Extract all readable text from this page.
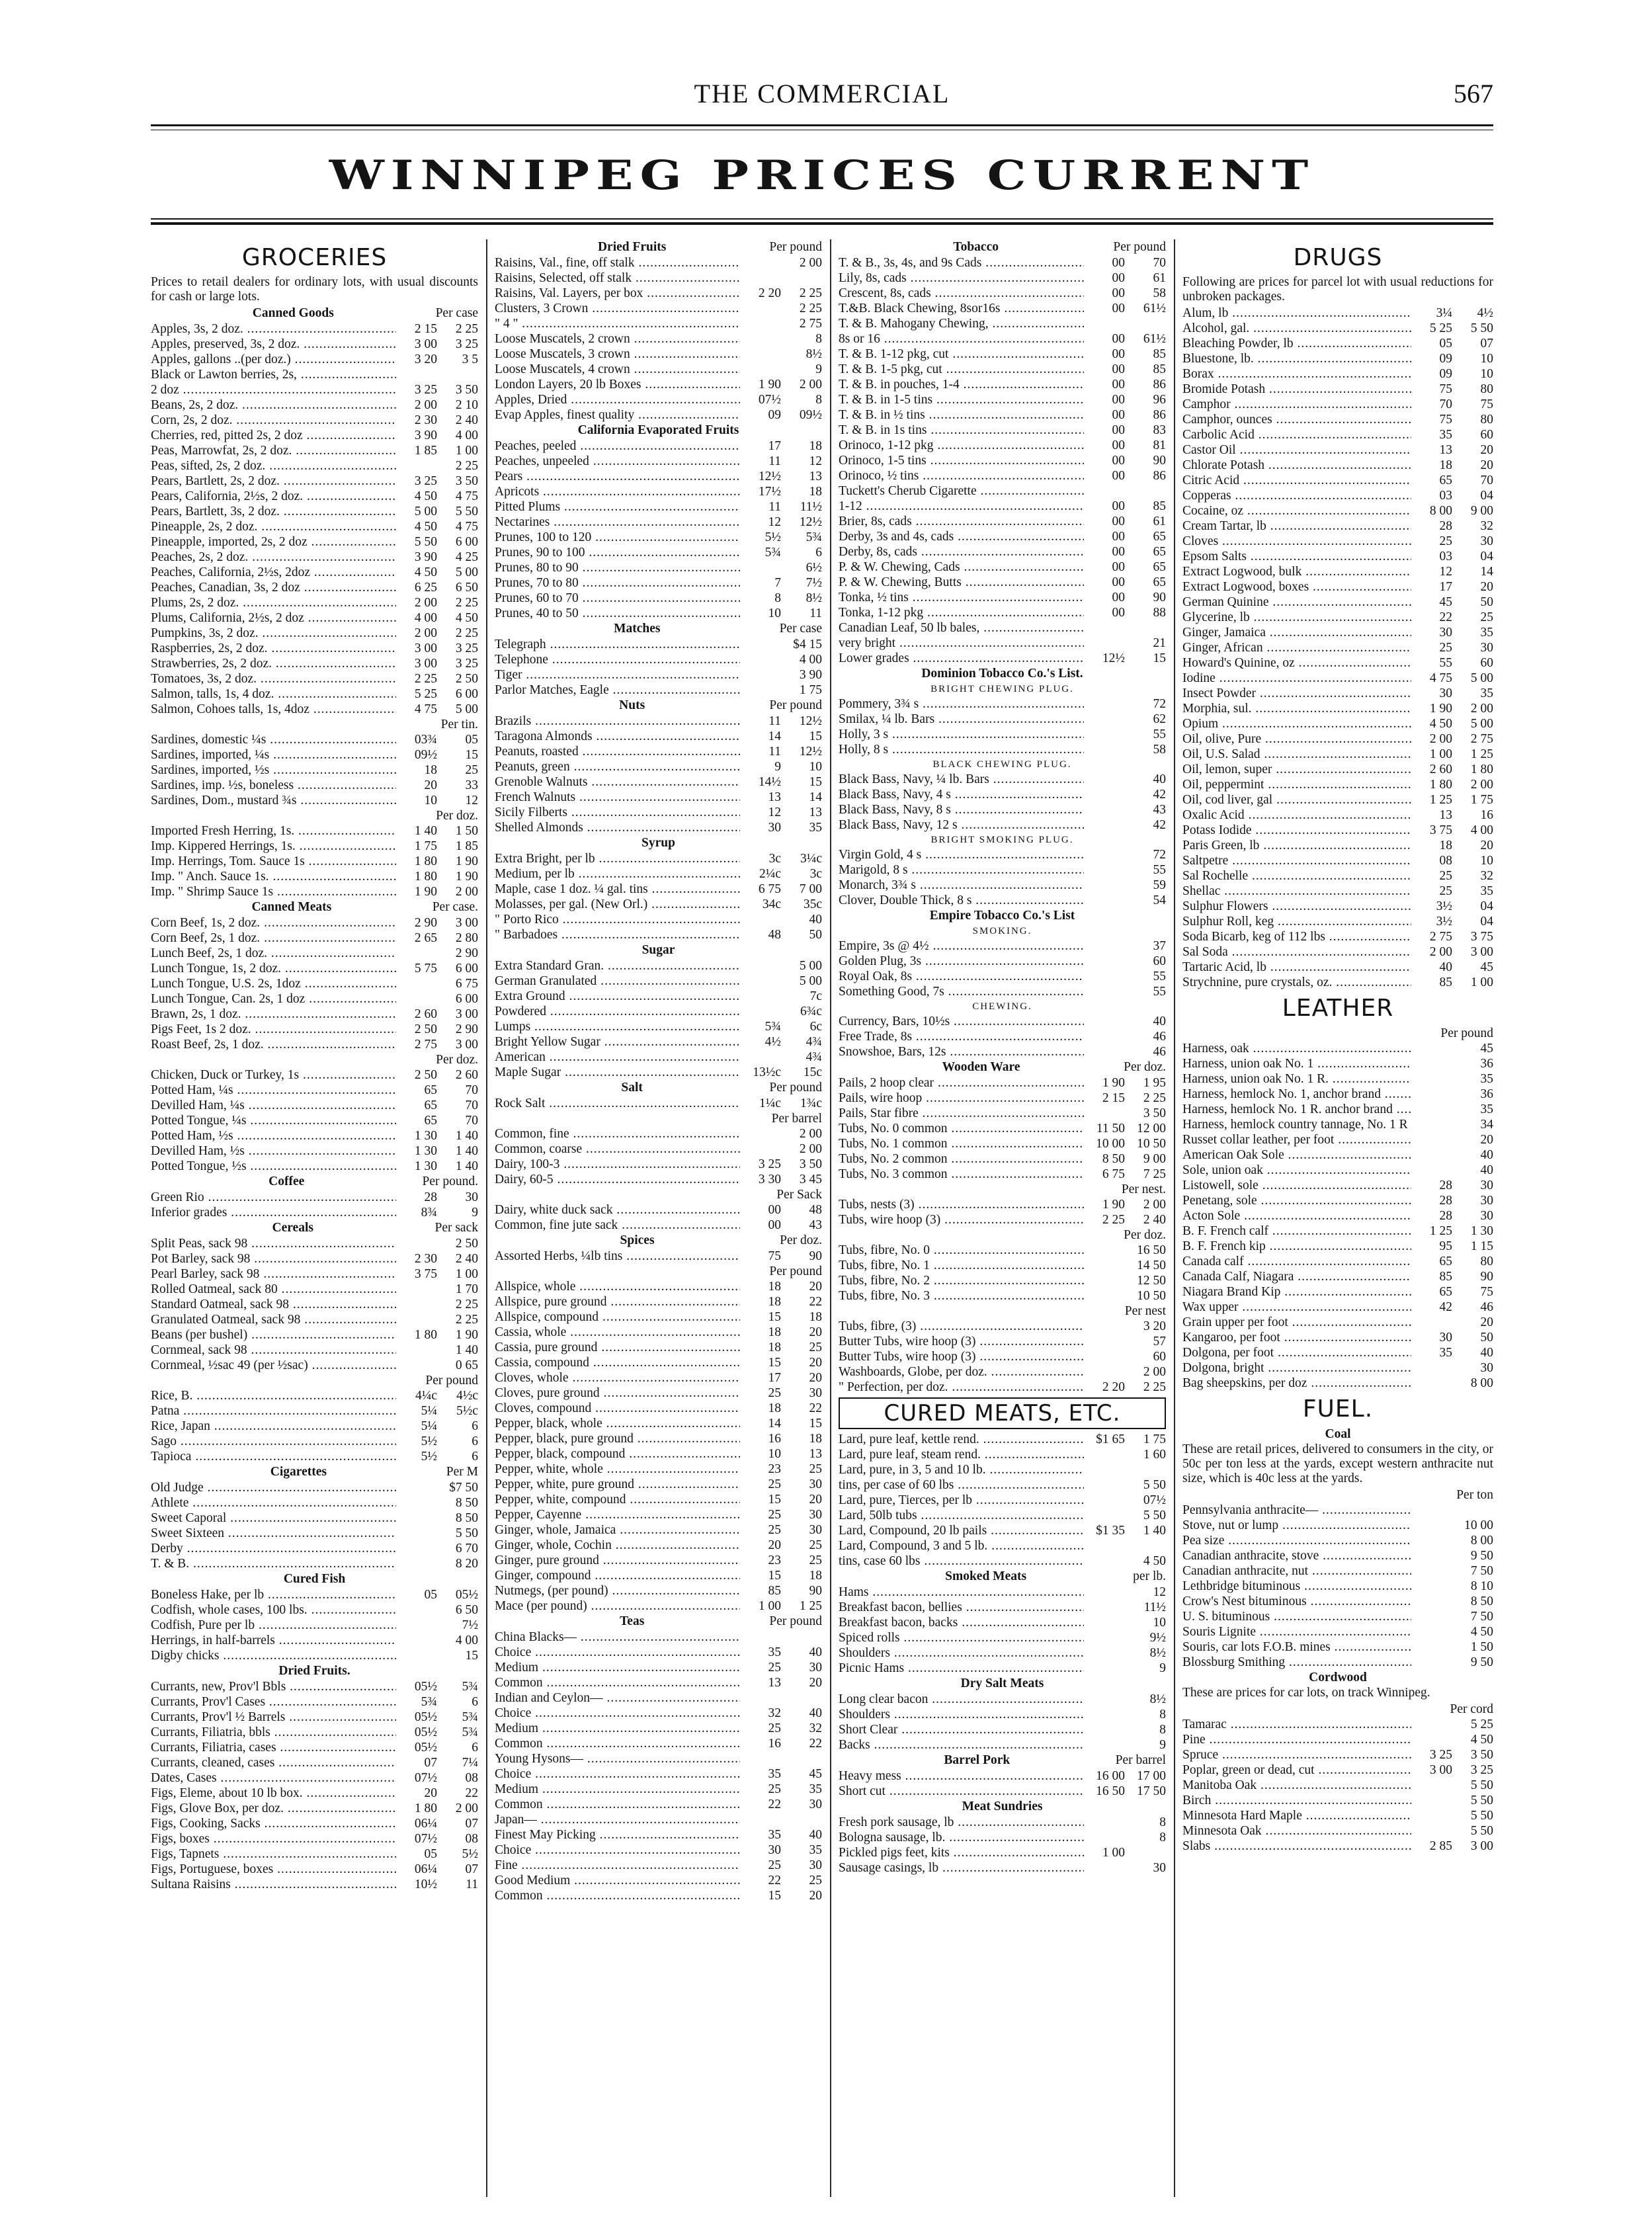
THE COMMERCIAL	567
WINNIPEG PRICES CURRENT
GROCERIES
Prices to retail dealers for ordinary lots, with usual discounts for cash or large lots.
Canned Goods	Per case
Apples, 3s, 2 doz. .....	2 15	2 25
Apples, preserved, 3s, 2 doz. .....	3 00	3 25
Apples, gallons ..(per doz.) .....	3 20	3 5
Black or Lawton berries, 2s, .....
2 doz .....	3 25	3 50
Beans, 2s, 2 doz. .....	2 00	2 10
Corn, 2s, 2 doz. .....	2 30	2 40
Cherries, red, pitted 2s, 2 doz .....	3 90	4 00
Peas, Marrowfat, 2s, 2 doz. .....	1 85	1 00
Peas, sifted, 2s, 2 doz. .....	2 25
Pears, Bartlett, 2s, 2 doz. .....	3 25	3 50
Pears, California, 2½s, 2 doz. .....	4 50	4 75
Pears, Bartlett, 3s, 2 doz. .....	5 00	5 50
Pineapple, 2s, 2 doz. .....	4 50	4 75
Pineapple, imported, 2s, 2 doz .....	5 50	6 00
Peaches, 2s, 2 doz. .....	3 90	4 25
Peaches, California, 2½s, 2doz .....	4 50	5 00
Peaches, Canadian, 3s, 2 doz .....	6 25	6 50
Plums, 2s, 2 doz. .....	2 00	2 25
Plums, California, 2½s, 2 doz .....	4 00	4 50
Pumpkins, 3s, 2 doz. .....	2 00	2 25
Raspberries, 2s, 2 doz. .....	3 00	3 25
Strawberries, 2s, 2 doz. .....	3 00	3 25
Tomatoes, 3s, 2 doz. .....	2 25	2 50
Salmon, talls, 1s, 4 doz. .....	5 25	6 00
Salmon, Cohoes talls, 1s, 4doz .....	4 75	5 00
Per tin.
Sardines, domestic ¼s .....	03¾	05
Sardines, imported, ¼s .....	09½	15
Sardines, imported, ½s .....	18	25
Sardines, imp. ½s, boneless .....	20	33
Sardines, Dom., mustard ¾s .....	10	12
Per doz.
Imported Fresh Herring, 1s. .....	1 40	1 50
Imp. Kippered Herrings, 1s. .....	1 75	1 85
Imp. Herrings, Tom. Sauce 1s .....	1 80	1 90
Imp. " Anch. Sauce 1s. .....	1 80	1 90
Imp. " Shrimp Sauce 1s .....	1 90	2 00
Canned Meats	Per case.
Corn Beef, 1s, 2 doz. .....	2 90	3 00
Corn Beef, 2s, 1 doz. .....	2 65	2 80
Lunch Beef, 2s, 1 doz. .....	2 90
Lunch Tongue, 1s, 2 doz. .....	5 75	6 00
Lunch Tongue, U.S. 2s, 1doz .....	6 75
Lunch Tongue, Can. 2s, 1 doz .....	6 00
Brawn, 2s, 1 doz. .....	2 60	3 00
Pigs Feet, 1s 2 doz. .....	2 50	2 90
Roast Beef, 2s, 1 doz. .....	2 75	3 00
Per doz.
Chicken, Duck or Turkey, 1s .....	2 50	2 60
Potted Ham, ¼s .....	65	70
Devilled Ham, ¼s .....	65	70
Potted Tongue, ¼s .....	65	70
Potted Ham, ½s .....	1 30	1 40
Devilled Ham, ½s .....	1 30	1 40
Potted Tongue, ½s .....	1 30	1 40
Coffee	Per pound.
Green Rio .....	28	30
Inferior grades .....	8¾	9
Cereals	Per sack
Split Peas, sack 98 .....	2 50
Pot Barley, sack 98 .....	2 30	2 40
Pearl Barley, sack 98 .....	3 75	1 00
Rolled Oatmeal, sack 80 .....	1 70
Standard Oatmeal, sack 98 .....	2 25
Granulated Oatmeal, sack 98 .....	2 25
Beans (per bushel) .....	1 80	1 90
Cornmeal, sack 98 .....	1 40
Cornmeal, ½sac 49 (per ½sac) .....	0 65
Per pound
Rice, B. .....	4¼c	4½c
Patna .....	5¼	5½c
Rice, Japan .....	5¼	6
Sago .....	5½	6
Tapioca .....	5½	6
Cigarettes	Per M
Old Judge .....	$7 50
Athlete .....	8 50
Sweet Caporal .....	8 50
Sweet Sixteen .....	5 50
Derby .....	6 70
T. & B. .....	8 20
Cured Fish
Boneless Hake, per lb .....	05	05½
Codfish, whole cases, 100 lbs. .....	6 50
Codfish, Pure per lb .....	7½
Herrings, in half-barrels .....	4 00
Digby chicks .....	15
Dried Fruits.
Currants, new, Prov'l Bbls .....	05½	5¾
Currants, Prov'l Cases .....	5¾	6
Currants, Prov'l ½ Barrels .....	05½	5¾
Currants, Filiatria, bbls .....	05½	5¾
Currants, Filiatria, cases .....	05½	6
Currants, cleaned, cases .....	07	7¼
Dates, Cases .....	07½	08
Figs, Eleme, about 10 lb box. .....	20	22
Figs, Glove Box, per doz. .....	1 80	2 00
Figs, Cooking, Sacks .....	06¼	07
Figs, boxes .....	07½	08
Figs, Tapnets .....	05	5½
Figs, Portuguese, boxes .....	06¼	07
Sultana Raisins .....	10½	11
Dried Fruits	Per pound
Raisins, Val., fine, off stalk .....	2 00
Raisins, Selected, off stalk .....
Raisins, Val. Layers, per box .....	2 20	2 25
Clusters, 3 Crown .....	2 25
" 4 " .....	2 75
Loose Muscatels, 2 crown .....	8
Loose Muscatels, 3 crown .....	8½
Loose Muscatels, 4 crown .....	9
London Layers, 20 lb Boxes .....	1 90	2 00
Apples, Dried .....	07½	8
Evap Apples, finest quality .....	09	09½
California Evaporated Fruits
Peaches, peeled .....	17	18
Peaches, unpeeled .....	11	12
Pears .....	12½	13
Apricots .....	17½	18
Pitted Plums .....	11	11½
Nectarines .....	12	12½
Prunes, 100 to 120 .....	5½	5¾
Prunes, 90 to 100 .....	5¾	6
Prunes, 80 to 90 .....	6½
Prunes, 70 to 80 .....	7	7½
Prunes, 60 to 70 .....	8	8½
Prunes, 40 to 50 .....	10	11
Matches	Per case
Telegraph .....	$4 15
Telephone .....	4 00
Tiger .....	3 90
Parlor Matches, Eagle .....	1 75
Nuts	Per pound
Brazils .....	11	12½
Taragona Almonds .....	14	15
Peanuts, roasted .....	11	12½
Peanuts, green .....	9	10
Grenoble Walnuts .....	14½	15
French Walnuts .....	13	14
Sicily Filberts .....	12	13
Shelled Almonds .....	30	35
Syrup
Extra Bright, per lb .....	3c	3¼c
Medium, per lb .....	2¼c	3c
Maple, case 1 doz. ¼ gal. tins .....	6 75	7 00
Molasses, per gal. (New Orl.) .....	34c	35c
" Porto Rico .....	40
" Barbadoes .....	48	50
Sugar
Extra Standard Gran. .....	5 00
German Granulated .....	5 00
Extra Ground .....	7c
Powdered .....	6¾c
Lumps .....	5¾	6c
Bright Yellow Sugar .....	4½	4¾
American .....	4¾
Maple Sugar .....	13½c	15c
Salt	Per pound
Rock Salt .....	1¼c	1¾c
Per barrel
Common, fine .....	2 00
Common, coarse .....	2 00
Dairy, 100-3 .....	3 25	3 50
Dairy, 60-5 .....	3 30	3 45
Per Sack
Dairy, white duck sack .....	00	48
Common, fine jute sack .....	00	43
Spices	Per doz.
Assorted Herbs, ¼lb tins .....	75	90
Per pound
Allspice, whole .....	18	20
Allspice, pure ground .....	18	22
Allspice, compound .....	15	18
Cassia, whole .....	18	20
Cassia, pure ground .....	18	25
Cassia, compound .....	15	20
Cloves, whole .....	17	20
Cloves, pure ground .....	25	30
Cloves, compound .....	18	22
Pepper, black, whole .....	14	15
Pepper, black, pure ground .....	16	18
Pepper, black, compound .....	10	13
Pepper, white, whole .....	23	25
Pepper, white, pure ground .....	25	30
Pepper, white, compound .....	15	20
Pepper, Cayenne .....	25	30
Ginger, whole, Jamaica .....	25	30
Ginger, whole, Cochin .....	20	25
Ginger, pure ground .....	23	25
Ginger, compound .....	15	18
Nutmegs, (per pound) .....	85	90
Mace (per pound) .....	1 00	1 25
Teas	Per pound
China Blacks— .....
Choice .....	35	40
Medium .....	25	30
Common .....	13	20
Indian and Ceylon— .....
Choice .....	32	40
Medium .....	25	32
Common .....	16	22
Young Hysons— .....
Choice .....	35	45
Medium .....	25	35
Common .....	22	30
Japan— .....
Finest May Picking .....	35	40
Choice .....	30	35
Fine .....	25	30
Good Medium .....	22	25
Common .....	15	20
Tobacco	Per pound
T. & B., 3s, 4s, and 9s Cads .....	00	70
Lily, 8s, cads .....	00	61
Crescent, 8s, cads .....	00	58
T.&B. Black Chewing, 8sor16s .....	00	61½
T. & B. Mahogany Chewing, .....
8s or 16 .....	00	61½
T. & B. 1-12 pkg, cut .....	00	85
T. & B. 1-5 pkg, cut .....	00	85
T. & B. in pouches, 1-4 .....	00	86
T. & B. in 1-5 tins .....	00	96
T. & B. in ½ tins .....	00	86
T. & B. in 1s tins .....	00	83
Orinoco, 1-12 pkg .....	00	81
Orinoco, 1-5 tins .....	00	90
Orinoco, ½ tins .....	00	86
Tuckett's Cherub Cigarette .....
1-12 .....	00	85
Brier, 8s, cads .....	00	61
Derby, 3s and 4s, cads .....	00	65
Derby, 8s, cads .....	00	65
P. & W. Chewing, Cads .....	00	65
P. & W. Chewing, Butts .....	00	65
Tonka, ½ tins .....	00	90
Tonka, 1-12 pkg .....	00	88
Canadian Leaf, 50 lb bales, .....
very bright .....	21
Lower grades .....	12½	15
Dominion Tobacco Co.'s List.
BRIGHT CHEWING PLUG.
Pommery, 3¾ s .....	72
Smilax, ¼ lb. Bars .....	62
Holly, 3 s .....	55
Holly, 8 s .....	58
BLACK CHEWING PLUG.
Black Bass, Navy, ¼ lb. Bars .....	40
Black Bass, Navy, 4 s .....	42
Black Bass, Navy, 8 s .....	43
Black Bass, Navy, 12 s .....	42
BRIGHT SMOKING PLUG.
Virgin Gold, 4 s .....	72
Marigold, 8 s .....	55
Monarch, 3¾ s .....	59
Clover, Double Thick, 8 s .....	54
Empire Tobacco Co.'s List
SMOKING.
Empire, 3s @ 4½ .....	37
Golden Plug, 3s .....	60
Royal Oak, 8s .....	55
Something Good, 7s .....	55
CHEWING.
Currency, Bars, 10½s .....	40
Free Trade, 8s .....	46
Snowshoe, Bars, 12s .....	46
Wooden Ware	Per doz.
Pails, 2 hoop clear .....	1 90	1 95
Pails, wire hoop .....	2 15	2 25
Pails, Star fibre .....	3 50
Tubs, No. 0 common .....	11 50 12 00
Tubs, No. 1 common .....	10 00 10 50
Tubs, No. 2 common .....	8 50	9 00
Tubs, No. 3 common .....	6 75	7 25
Per nest.
Tubs, nests (3) .....	1 90	2 00
Tubs, wire hoop (3) .....	2 25	2 40
Per doz.
Tubs, fibre, No. 0 .....	16 50
Tubs, fibre, No. 1 .....	14 50
Tubs, fibre, No. 2 .....	12 50
Tubs, fibre, No. 3 .....	10 50
Per nest
Tubs, fibre, (3) .....	3 20
Butter Tubs, wire hoop (3) .....	57
Butter Tubs, wire hoop (3) .....	60
Washboards, Globe, per doz. .....	2 00
" Perfection, per doz. .....	2 20	2 25
CURED MEATS, ETC.
Lard, pure leaf, kettle rend. .....	$1 65	1 75
Lard, pure leaf, steam rend. .....	1 60
Lard, pure, in 3, 5 and 10 lb. .....
tins, per case of 60 lbs .....	5 50
Lard, pure, Tierces, per lb .....	07½
Lard, 50lb tubs .....	5 50
Lard, Compound, 20 lb pails .....	$1 35	1 40
Lard, Compound, 3 and 5 lb. .....
tins, case 60 lbs .....	4 50
Smoked Meats	per lb.
Hams .....	12
Breakfast bacon, bellies .....	11½
Breakfast bacon, backs .....	10
Spiced rolls .....	9½
Shoulders .....	8½
Picnic Hams .....	9
Dry Salt Meats
Long clear bacon .....	8½
Shoulders .....	8
Short Clear .....	8
Backs .....	9
Barrel Pork	Per barrel
Heavy mess .....	16 00 17 00
Short cut .....	16 50 17 50
Meat Sundries
Fresh pork sausage, lb .....	8
Bologna sausage, lb. .....	8
Pickled pigs feet, kits .....	1 00
Sausage casings, lb .....	30
DRUGS
Following are prices for parcel lot with usual reductions for unbroken packages.
Alum, lb .....	3¼	4½
Alcohol, gal. .....	5 25	5 50
Bleaching Powder, lb .....	05	07
Bluestone, lb. .....	09	10
Borax .....	09	10
Bromide Potash .....	75	80
Camphor .....	70	75
Camphor, ounces .....	75	80
Carbolic Acid .....	35	60
Castor Oil .....	13	20
Chlorate Potash .....	18	20
Citric Acid .....	65	70
Copperas .....	03	04
Cocaine, oz .....	8 00	9 00
Cream Tartar, lb .....	28	32
Cloves .....	25	30
Epsom Salts .....	03	04
Extract Logwood, bulk .....	12	14
Extract Logwood, boxes .....	17	20
German Quinine .....	45	50
Glycerine, lb .....	22	25
Ginger, Jamaica .....	30	35
Ginger, African .....	25	30
Howard's Quinine, oz .....	55	60
Iodine .....	4 75	5 00
Insect Powder .....	30	35
Morphia, sul. .....	1 90	2 00
Opium .....	4 50	5 00
Oil, olive, Pure .....	2 00	2 75
Oil, U.S. Salad .....	1 00	1 25
Oil, lemon, super .....	2 60	1 80
Oil, peppermint .....	1 80	2 00
Oil, cod liver, gal .....	1 25	1 75
Oxalic Acid .....	13	16
Potass Iodide .....	3 75	4 00
Paris Green, lb .....	18	20
Saltpetre .....	08	10
Sal Rochelle .....	25	32
Shellac .....	25	35
Sulphur Flowers .....	3½	04
Sulphur Roll, keg .....	3½	04
Soda Bicarb, keg of 112 lbs .....	2 75	3 75
Sal Soda .....	2 00	3 00
Tartaric Acid, lb .....	40	45
Strychnine, pure crystals, oz. .....	85	1 00
LEATHER
Per pound
Harness, oak .....	45
Harness, union oak No. 1 .....	36
Harness, union oak No. 1 R. .....	35
Harness, hemlock No. 1, anchor brand .....	36
Harness, hemlock No. 1 R. anchor brand .....	35
Harness, hemlock country tannage, No. 1 R .....	34
Russet collar leather, per foot .....	20
American Oak Sole .....	40
Sole, union oak .....	40
Listowell, sole .....	28	30
Penetang, sole .....	28	30
Acton Sole .....	28	30
B. F. French calf .....	1 25	1 30
B. F. French kip .....	95	1 15
Canada calf .....	65	80
Canada Calf, Niagara .....	85	90
Niagara Brand Kip .....	65	75
Wax upper .....	42	46
Grain upper per foot .....	20
Kangaroo, per foot .....	30	50
Dolgona, per foot .....	35	40
Dolgona, bright .....	30
Bag sheepskins, per doz .....	8 00
FUEL.
Coal
These are retail prices, delivered to consumers in the city, or 50c per ton less at the yards, except western anthracite nut size, which is 40c less at the yards.
Per ton
Pennsylvania anthracite— .....
Stove, nut or lump .....	10 00
Pea size .....	8 00
Canadian anthracite, stove .....	9 50
Canadian anthracite, nut .....	7 50
Lethbridge bituminous .....	8 10
Crow's Nest bituminous .....	8 50
U. S. bituminous .....	7 50
Souris Lignite .....	4 50
Souris, car lots F.O.B. mines .....	1 50
Blossburg Smithing .....	9 50
Cordwood
These are prices for car lots, on track Winnipeg.
Per cord
Tamarac .....	5 25
Pine .....	4 50
Spruce .....	3 25	3 50
Poplar, green or dead, cut .....	3 00	3 25
Manitoba Oak .....	5 50
Birch .....	5 50
Minnesota Hard Maple .....	5 50
Minnesota Oak .....	5 50
Slabs .....	2 85	3 00
